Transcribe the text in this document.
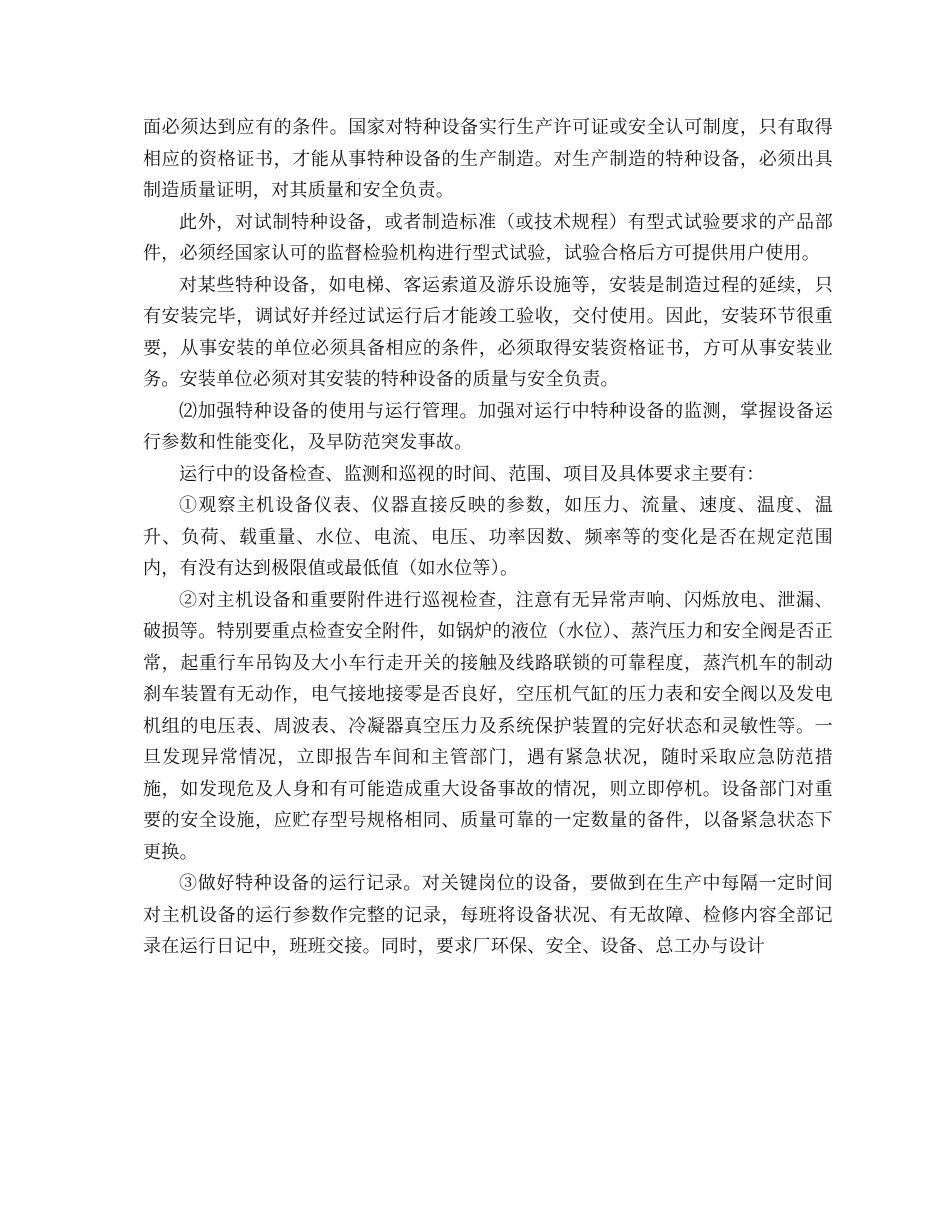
面必须达到应有的条件。国家对特种设备实行生产许可证或安全认可制度，只有取得相应的资格证书，才能从事特种设备的生产制造。对生产制造的特种设备，必须出具制造质量证明，对其质量和安全负责。

此外，对试制特种设备，或者制造标准（或技术规程）有型式试验要求的产品部件，必须经国家认可的监督检验机构进行型式试验，试验合格后方可提供用户使用。

对某些特种设备，如电梯、客运索道及游乐设施等，安装是制造过程的延续，只有安装完毕，调试好并经过试运行后才能竣工验收，交付使用。因此，安装环节很重要，从事安装的单位必须具备相应的条件，必须取得安装资格证书，方可从事安装业务。安装单位必须对其安装的特种设备的质量与安全负责。

⑵加强特种设备的使用与运行管理。加强对运行中特种设备的监测，掌握设备运行参数和性能变化，及早防范突发事故。

运行中的设备检查、监测和巡视的时间、范围、项目及具体要求主要有：

①观察主机设备仪表、仪器直接反映的参数，如压力、流量、速度、温度、温升、负荷、载重量、水位、电流、电压、功率因数、频率等的变化是否在规定范围内，有没有达到极限值或最低值（如水位等）。

②对主机设备和重要附件进行巡视检查，注意有无异常声响、闪烁放电、泄漏、破损等。特别要重点检查安全附件，如锅炉的液位（水位）、蒸汽压力和安全阀是否正常，起重行车吊钩及大小车行走开关的接触及线路联锁的可靠程度，蒸汽机车的制动刹车装置有无动作，电气接地接零是否良好，空压机气缸的压力表和安全阀以及发电机组的电压表、周波表、冷凝器真空压力及系统保护装置的完好状态和灵敏性等。一旦发现异常情况，立即报告车间和主管部门，遇有紧急状况，随时采取应急防范措施，如发现危及人身和有可能造成重大设备事故的情况，则立即停机。设备部门对重要的安全设施，应贮存型号规格相同、质量可靠的一定数量的备件，以备紧急状态下更换。

③做好特种设备的运行记录。对关键岗位的设备，要做到在生产中每隔一定时间对主机设备的运行参数作完整的记录，每班将设备状况、有无故障、检修内容全部记录在运行日记中，班班交接。同时，要求厂环保、安全、设备、总工办与设计
